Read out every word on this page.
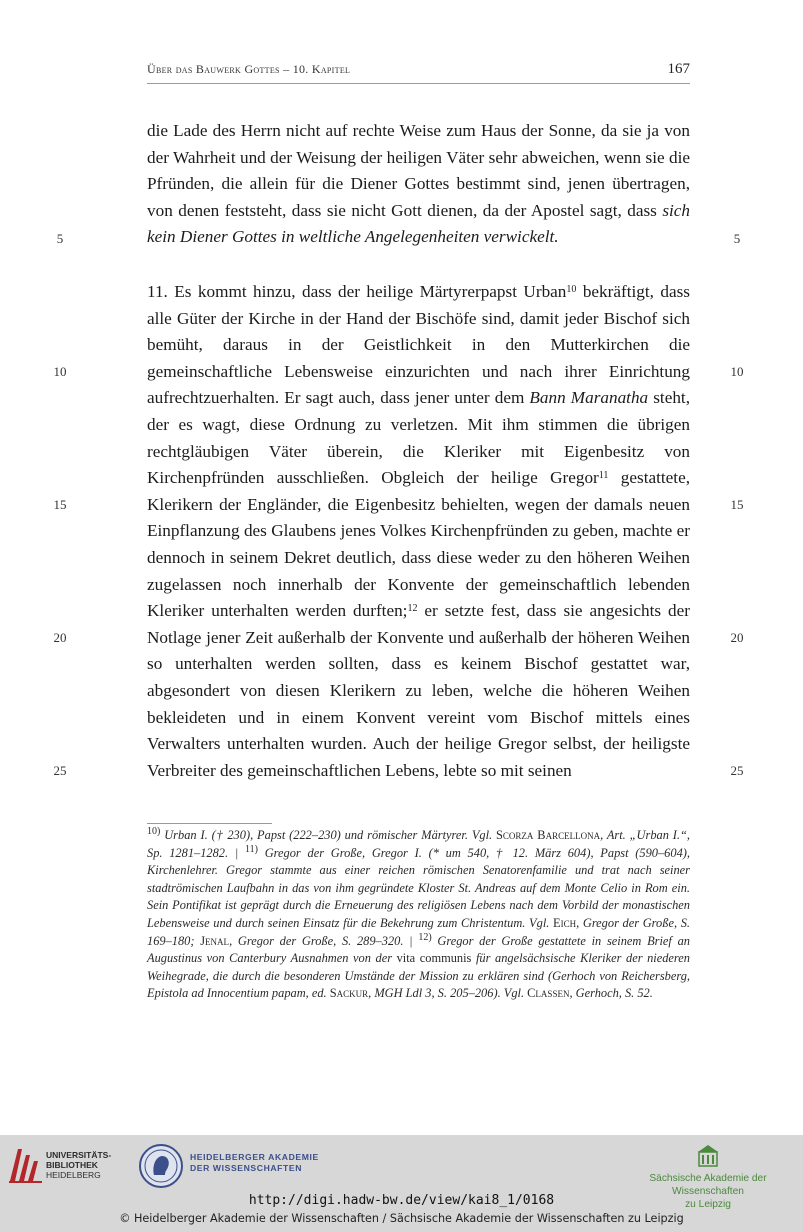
Über das Bauwerk Gottes – 10. Kapitel	167

die Lade des Herrn nicht auf rechte Weise zum Haus der Sonne, da sie ja von der Wahrheit und der Weisung der heiligen Väter sehr abweichen, wenn sie die Pfründen, die allein für die Diener Gottes bestimmt sind, jenen übertragen, von denen feststeht, dass sie nicht Gott dienen, da der Apostel sagt, dass sich kein Diener Gottes in weltliche Angelegenheiten verwickelt.

11. Es kommt hinzu, dass der heilige Märtyrerpapst Urban$^{10}$ bekräftigt, dass alle Güter der Kirche in der Hand der Bischöfe sind, damit jeder Bischof sich bemüht, daraus in der Geistlichkeit in den Mutterkirchen die gemeinschaftliche Lebensweise einzurichten und nach ihrer Einrichtung aufrechtzuerhalten. Er sagt auch, dass jener unter dem Bann Maranatha steht, der es wagt, diese Ordnung zu verletzen. Mit ihm stimmen die übrigen rechtgläubigen Väter überein, die Kleriker mit Eigenbesitz von Kirchenpfründen ausschließen. Obgleich der heilige Gregor$^{11}$ gestattete, Klerikern der Engländer, die Eigenbesitz behielten, wegen der damals neuen Einpflanzung des Glaubens jenes Volkes Kirchenpfründen zu geben, machte er dennoch in seinem Dekret deutlich, dass diese weder zu den höheren Weihen zugelassen noch innerhalb der Konvente der gemeinschaftlich lebenden Kleriker unterhalten werden durften;$^{12}$ er setzte fest, dass sie angesichts der Notlage jener Zeit außerhalb der Konvente und außerhalb der höheren Weihen so unterhalten werden sollten, dass es keinem Bischof gestattet war, abgesondert von diesen Klerikern zu leben, welche die höheren Weihen bekleideten und in einem Konvent vereint vom Bischof mittels eines Verwalters unterhalten wurden. Auch der heilige Gregor selbst, der heiligste Verbreiter des gemeinschaftlichen Lebens, lebte so mit seinen

5	5
10	10
15	15
20	20
25	25

$^{10)}$ Urban I. († 230), Papst (222–230) und römischer Märtyrer. Vgl. Scorza Barcellona, Art. „Urban I.“, Sp. 1281–1282. | $^{11)}$ Gregor der Große, Gregor I. (* um 540, † 12. März 604), Papst (590–604), Kirchenlehrer. Gregor stammte aus einer reichen römischen Senatorenfamilie und trat nach seiner stadtrömischen Laufbahn in das von ihm gegründete Kloster St. Andreas auf dem Monte Celio in Rom ein. Sein Pontifikat ist geprägt durch die Erneuerung des religiösen Lebens nach dem Vorbild der monastischen Lebensweise und durch seinen Einsatz für die Bekehrung zum Christentum. Vgl. Eich, Gregor der Große, S. 169–180; Jenal, Gregor der Große, S. 289–320. | $^{12)}$ Gregor der Große gestattete in seinem Brief an Augustinus von Canterbury Ausnahmen von der vita communis für angelsächsische Kleriker der niederen Weihegrade, die durch die besonderen Umstände der Mission zu erklären sind (Gerhoch von Reichersberg, Epistola ad Innocentium papam, ed. Sackur, MGH Ldl 3, S. 205–206). Vgl. Classen, Gerhoch, S. 52.

UNIVERSITÄTS-
BIBLIOTHEK
HEIDELBERG
HEIDELBERGER AKADEMIE
DER WISSENSCHAFTEN
Sächsische Akademie der Wissenschaften
zu Leipzig
http://digi.hadw-bw.de/view/kai8_1/0168
© Heidelberger Akademie der Wissenschaften / Sächsische Akademie der Wissenschaften zu Leipzig
